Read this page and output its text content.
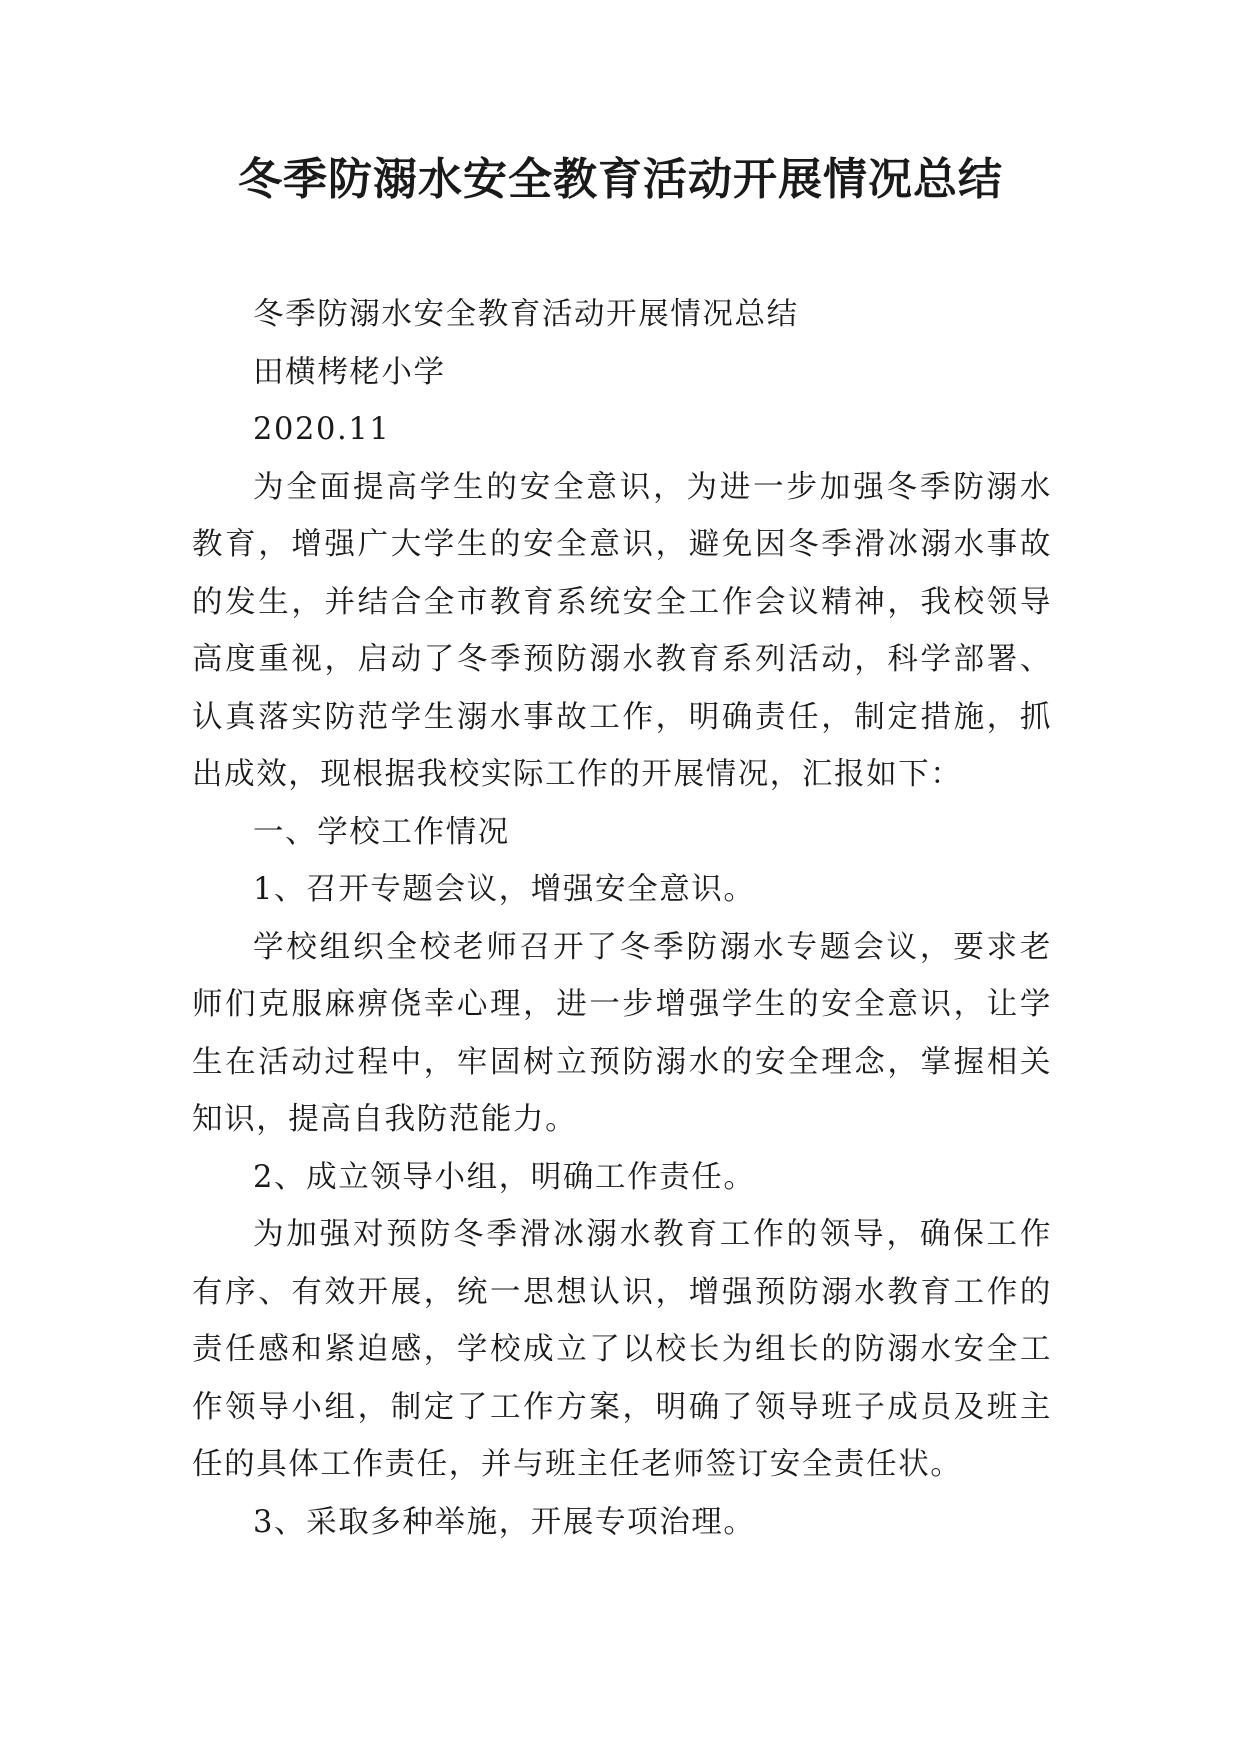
冬季防溺水安全教育活动开展情况总结

冬季防溺水安全教育活动开展情况总结

田横栲栳小学

2020.11

为全面提高学生的安全意识，为进一步加强冬季防溺水教育，增强广大学生的安全意识，避免因冬季滑冰溺水事故的发生，并结合全市教育系统安全工作会议精神，我校领导高度重视，启动了冬季预防溺水教育系列活动，科学部署、认真落实防范学生溺水事故工作，明确责任，制定措施，抓出成效，现根据我校实际工作的开展情况，汇报如下：

一、学校工作情况

1、召开专题会议，增强安全意识。

学校组织全校老师召开了冬季防溺水专题会议，要求老师们克服麻痹侥幸心理，进一步增强学生的安全意识，让学生在活动过程中，牢固树立预防溺水的安全理念，掌握相关知识，提高自我防范能力。

2、成立领导小组，明确工作责任。

为加强对预防冬季滑冰溺水教育工作的领导，确保工作有序、有效开展，统一思想认识，增强预防溺水教育工作的责任感和紧迫感，学校成立了以校长为组长的防溺水安全工作领导小组，制定了工作方案，明确了领导班子成员及班主任的具体工作责任，并与班主任老师签订安全责任状。

3、采取多种举施，开展专项治理。
